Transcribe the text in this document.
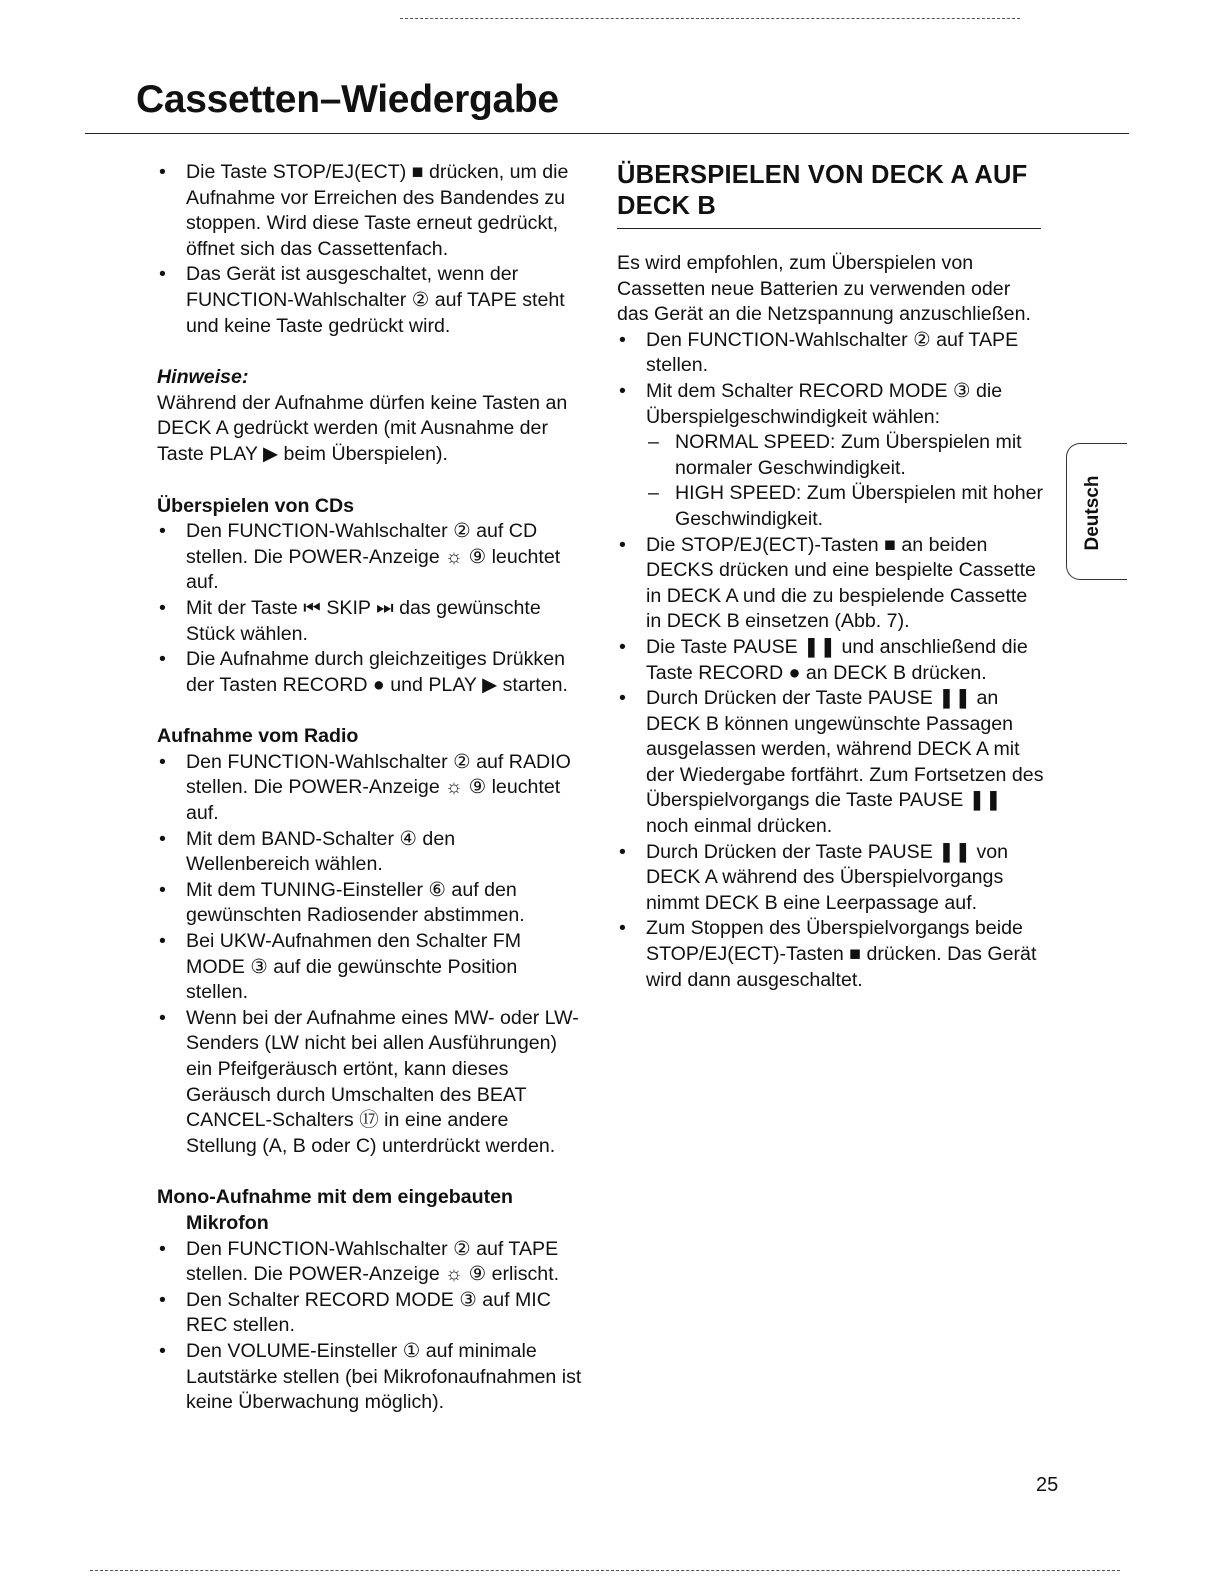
Cassetten–Wiedergabe
• Die Taste STOP/EJ(ECT) ■ drücken, um die Aufnahme vor Erreichen des Bandendes zu stoppen. Wird diese Taste erneut gedrückt, öffnet sich das Cassettenfach.
• Das Gerät ist ausgeschaltet, wenn der FUNCTION-Wahlschalter ② auf TAPE steht und keine Taste gedrückt wird.

Hinweise:

Während der Aufnahme dürfen keine Tasten an DECK A gedrückt werden (mit Ausnahme der Taste PLAY ▶ beim Überspielen).

Überspielen von CDs

• Den FUNCTION-Wahlschalter ② auf CD stellen. Die POWER-Anzeige ☼ ⑨ leuchtet auf.
• Mit der Taste ⏮ SKIP ⏭ das gewünschte Stück wählen.
• Die Aufnahme durch gleichzeitiges Drükken der Tasten RECORD ● und PLAY ▶ starten.

Aufnahme vom Radio

• Den FUNCTION-Wahlschalter ② auf RADIO stellen. Die POWER-Anzeige ☼ ⑨ leuchtet auf.
• Mit dem BAND-Schalter ④ den Wellenbereich wählen.
• Mit dem TUNING-Einsteller ⑥ auf den gewünschten Radiosender abstimmen.
• Bei UKW-Aufnahmen den Schalter FM MODE ③ auf die gewünschte Position stellen.
• Wenn bei der Aufnahme eines MW- oder LW-Senders (LW nicht bei allen Ausführungen) ein Pfeifgeräusch ertönt, kann dieses Geräusch durch Umschalten des BEAT CANCEL-Schalters ⑰ in eine andere Stellung (A, B oder C) unterdrückt werden.

Mono-Aufnahme mit dem eingebauten Mikrofon

• Den FUNCTION-Wahlschalter ② auf TAPE stellen. Die POWER-Anzeige ☼ ⑨ erlischt.
• Den Schalter RECORD MODE ③ auf MIC REC stellen.
• Den VOLUME-Einsteller ① auf minimale Lautstärke stellen (bei Mikrofonaufnahmen ist keine Überwachung möglich).
ÜBERSPIELEN VON DECK A AUF DECK B

Es wird empfohlen, zum Überspielen von Cassetten neue Batterien zu verwenden oder das Gerät an die Netzspannung anzuschließen.

• Den FUNCTION-Wahlschalter ② auf TAPE stellen.
• Mit dem Schalter RECORD MODE ③ die Überspielgeschwindigkeit wählen:
– NORMAL SPEED: Zum Überspielen mit normaler Geschwindigkeit.
– HIGH SPEED: Zum Überspielen mit hoher Geschwindigkeit.
• Die STOP/EJ(ECT)-Tasten ■ an beiden DECKS drücken und eine bespielte Cassette in DECK A und die zu bespielende Cassette in DECK B einsetzen (Abb. 7).
• Die Taste PAUSE ❚❚ und anschließend die Taste RECORD ● an DECK B drücken.
• Durch Drücken der Taste PAUSE ❚❚ an DECK B können ungewünschte Passagen ausgelassen werden, während DECK A mit der Wiedergabe fortfährt. Zum Fortsetzen des Überspielvorgangs die Taste PAUSE ❚❚ noch einmal drücken.
• Durch Drücken der Taste PAUSE ❚❚ von DECK A während des Überspielvorgangs nimmt DECK B eine Leerpassage auf.
• Zum Stoppen des Überspielvorgangs beide STOP/EJ(ECT)-Tasten ■ drücken. Das Gerät wird dann ausgeschaltet.
Deutsch
25
